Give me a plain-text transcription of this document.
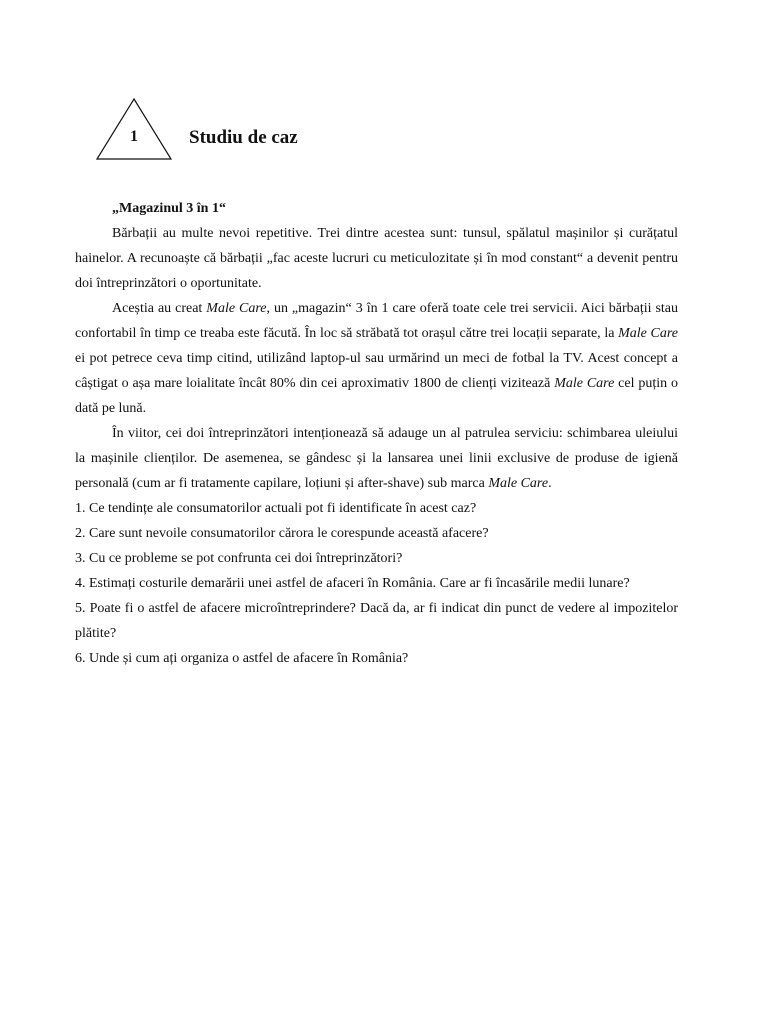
1	Studiu de caz

„Magazinul 3 în 1“

Bărbații au multe nevoi repetitive. Trei dintre acestea sunt: tunsul, spălatul mașinilor și curățatul hainelor. A recunoaște că bărbații „fac aceste lucruri cu meticulozitate și în mod constant“ a devenit pentru doi întreprinzători o oportunitate.

Aceștia au creat Male Care, un „magazin“ 3 în 1 care oferă toate cele trei servicii. Aici bărbații stau confortabil în timp ce treaba este făcută. În loc să străbată tot orașul către trei locații separate, la Male Care ei pot petrece ceva timp citind, utilizând laptop-ul sau urmărind un meci de fotbal la TV. Acest concept a câștigat o așa mare loialitate încât 80% din cei aproximativ 1800 de clienți vizitează Male Care cel puțin o dată pe lună.

În viitor, cei doi întreprinzători intenționează să adauge un al patrulea serviciu: schimbarea uleiului la mașinile clienților. De asemenea, se gândesc și la lansarea unei linii exclusive de produse de igienă personală (cum ar fi tratamente capilare, loțiuni și after-shave) sub marca Male Care.

1. Ce tendințe ale consumatorilor actuali pot fi identificate în acest caz?
2. Care sunt nevoile consumatorilor cărora le corespunde această afacere?
3. Cu ce probleme se pot confrunta cei doi întreprinzători?
4. Estimați costurile demarării unei astfel de afaceri în România. Care ar fi încasările medii lunare?
5. Poate fi o astfel de afacere microîntreprindere? Dacă da, ar fi indicat din punct de vedere al impozitelor plătite?
6. Unde și cum ați organiza o astfel de afacere în România?
